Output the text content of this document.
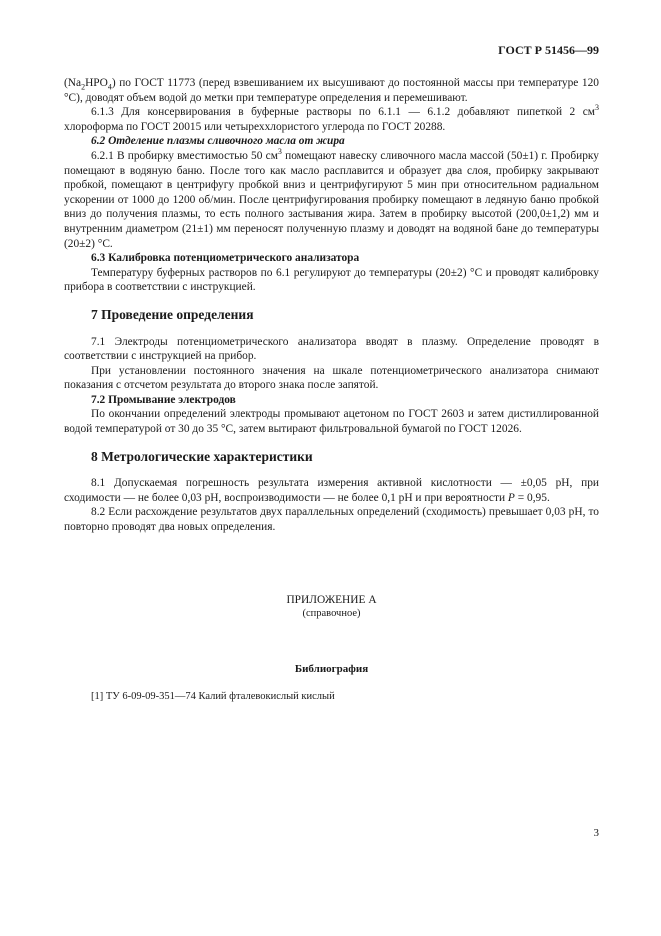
ГОСТ Р 51456—99

$(Na_2HPO_4)$ по ГОСТ 11773 (перед взвешиванием их высушивают до постоянной массы при температуре 120 °С), доводят объем водой до метки при температуре определения и перемешивают.

6.1.3 Для консервирования в буферные растворы по 6.1.1 — 6.1.2 добавляют пипеткой 2 $см^3$ хлороформа по ГОСТ 20015 или четыреххлористого углерода по ГОСТ 20288.

6.2 Отделение плазмы сливочного масла от жира

6.2.1 В пробирку вместимостью 50 $см^3$ помещают навеску сливочного масла массой (50±1) г. Пробирку помещают в водяную баню. После того как масло расплавится и образует два слоя, пробирку закрывают пробкой, помещают в центрифугу пробкой вниз и центрифугируют 5 мин при относительном радиальном ускорении от 1000 до 1200 об/мин. После центрифугирования пробирку помещают в ледяную баню пробкой вниз до получения плазмы, то есть полного застывания жира. Затем в пробирку высотой (200,0±1,2) мм и внутренним диаметром (21±1) мм переносят полученную плазму и доводят на водяной бане до температуры (20±2) °С.

6.3 Калибровка потенциометрического анализатора

Температуру буферных растворов по 6.1 регулируют до температуры (20±2) °С и проводят калибровку прибора в соответствии с инструкцией.

7 Проведение определения

7.1 Электроды потенциометрического анализатора вводят в плазму. Определение проводят в соответствии с инструкцией на прибор.

При установлении постоянного значения на шкале потенциометрического анализатора снимают показания с отсчетом результата до второго знака после запятой.

7.2 Промывание электродов

По окончании определений электроды промывают ацетоном по ГОСТ 2603 и затем дистиллированной водой температурой от 30 до 35 °С, затем вытирают фильтровальной бумагой по ГОСТ 12026.

8 Метрологические характеристики

8.1 Допускаемая погрешность результата измерения активной кислотности — ±0,05 pH, при сходимости — не более 0,03 pH, воспроизводимости — не более 0,1 pH и при вероятности P = 0,95.

8.2 Если расхождение результатов двух параллельных определений (сходимость) превышает 0,03 pH, то повторно проводят два новых определения.

ПРИЛОЖЕНИЕ А
(справочное)
Библиография
[1] ТУ 6-09-09-351—74 Калий фталевокислый кислый
3
